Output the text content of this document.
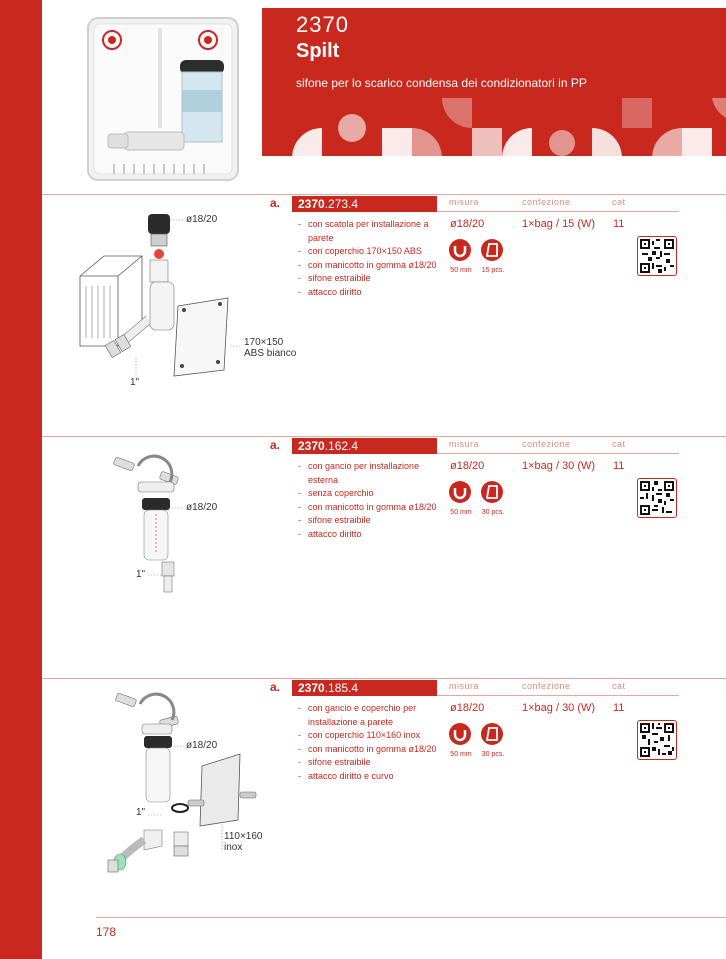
2370
Spilt
sifone per lo scarico condensa dei condizionatori in PP
a.	2370.273.4	misura	confezione	cat
- con scatola per installazione a parete
- con coperchio 170×150 ABS
- con manicotto in gomma ø18/20
- sifone estraibile
- attacco diritto
ø18/20	1×bag / 15 (W) 11
50 mm	15 pcs.
ø18/20
170×150
ABS bianco
1"
a.	2370.162.4	misura	confezione	cat
- con gancio per installazione esterna
- senza coperchio
- con manicotto in gomma ø18/20
- sifone estraibile
- attacco diritto
ø18/20	1×bag / 30 (W) 11
50 mm	30 pcs.
ø18/20
1"
a.	2370.185.4	misura	confezione	cat
- con gancio e coperchio per installazione a parete
- con coperchio 110×160 inox
- con manicotto in gomma ø18/20
- sifone estraibile
- attacco diritto e curvo
ø18/20	1×bag / 30 (W) 11
50 mm	30 pcs.
ø18/20
1"
110×160
inox
178
